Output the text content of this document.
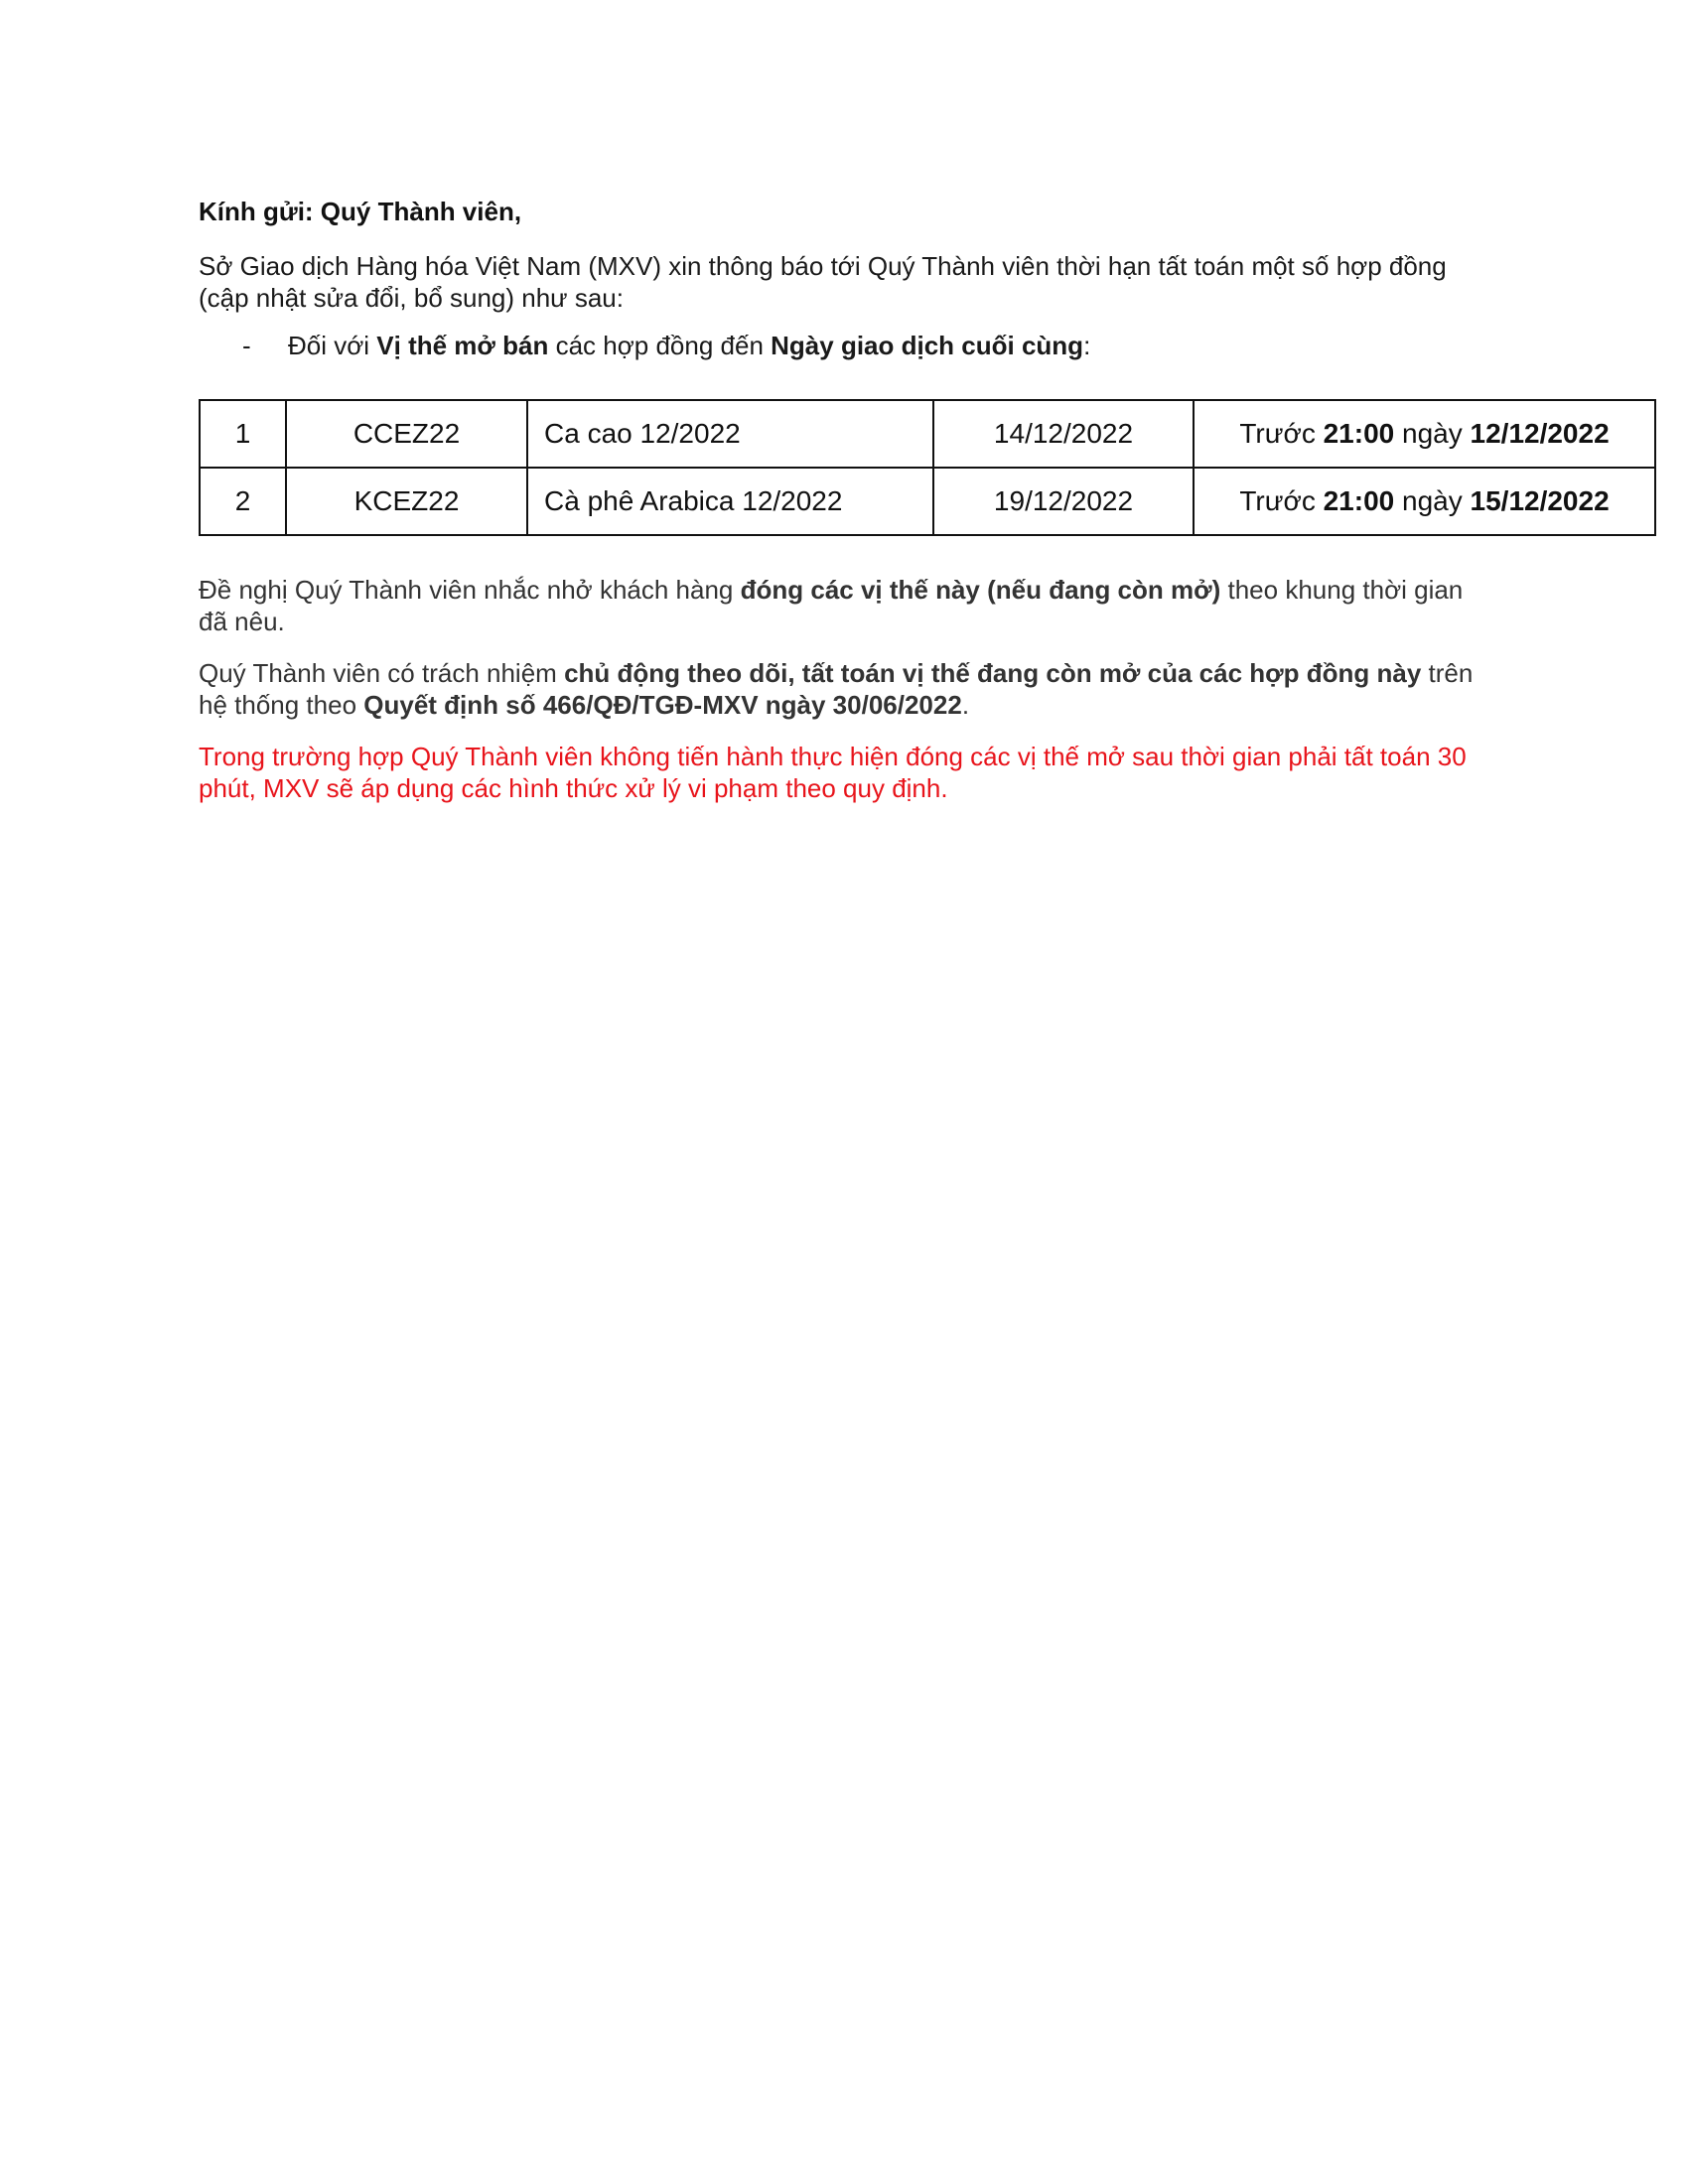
Kính gửi: Quý Thành viên,

Sở Giao dịch Hàng hóa Việt Nam (MXV) xin thông báo tới Quý Thành viên thời hạn tất toán một số hợp đồng (cập nhật sửa đổi, bổ sung) như sau:

- Đối với Vị thế mở bán các hợp đồng đến Ngày giao dịch cuối cùng:
1	CCEZ22	Ca cao 12/2022	14/12/2022	Trước 21:00 ngày 12/12/2022
2	KCEZ22	Cà phê Arabica 12/2022	19/12/2022	Trước 21:00 ngày 15/12/2022

Đề nghị Quý Thành viên nhắc nhở khách hàng đóng các vị thế này (nếu đang còn mở) theo khung thời gian đã nêu.

Quý Thành viên có trách nhiệm chủ động theo dõi, tất toán vị thế đang còn mở của các hợp đồng này trên hệ thống theo Quyết định số 466/QĐ/TGĐ-MXV ngày 30/06/2022.

Trong trường hợp Quý Thành viên không tiến hành thực hiện đóng các vị thế mở sau thời gian phải tất toán 30 phút, MXV sẽ áp dụng các hình thức xử lý vi phạm theo quy định.
